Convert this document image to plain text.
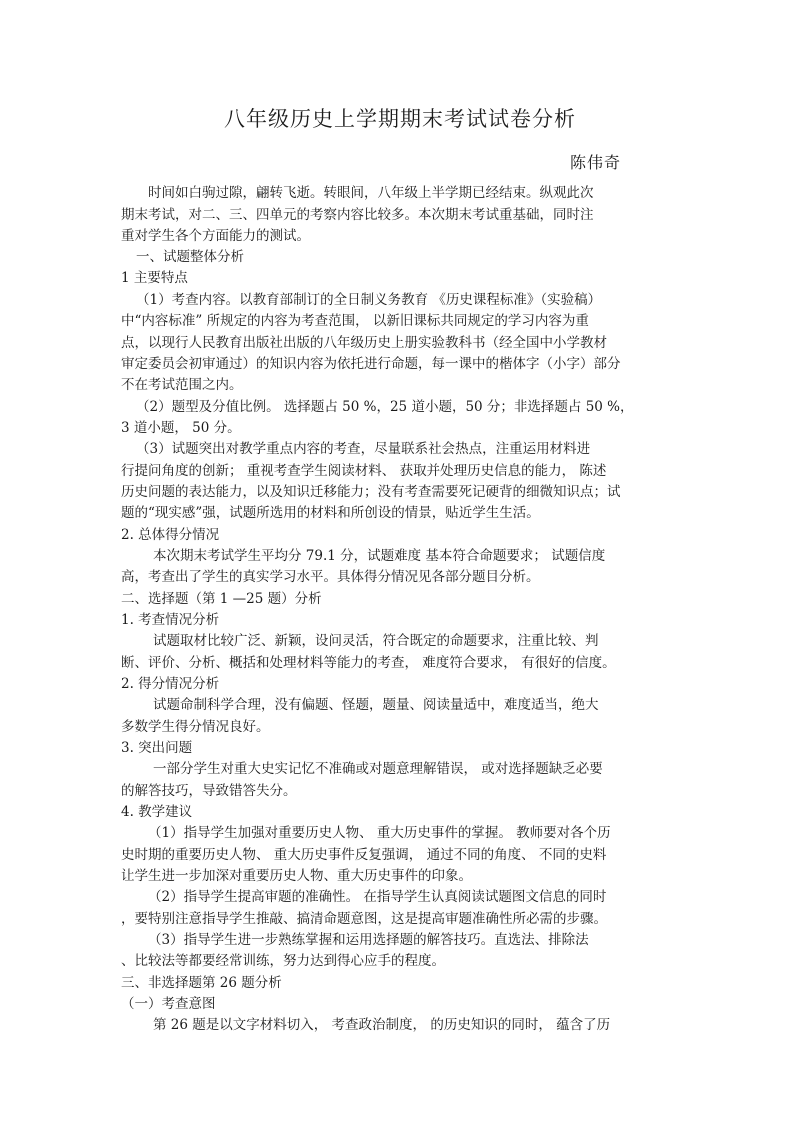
八年级历史上学期期末考试试卷分析
陈伟奇
时间如白驹过隙，翩转飞逝。转眼间，八年级上半学期已经结束。纵观此次
期末考试，对二、三、四单元的考察内容比较多。本次期末考试重基础，同时注
重对学生各个方面能力的测试。
一、试题整体分析
1 主要特点
（1）考查内容。以教育部制订的全日制义务教育 《历史课程标准》（实验稿）
中“内容标准” 所规定的内容为考查范围， 以新旧课标共同规定的学习内容为重
点，以现行人民教育出版社出版的八年级历史上册实验教科书（经全国中小学教材
审定委员会初审通过）的知识内容为依托进行命题，每一课中的楷体字（小字）部分
不在考试范围之内。
（2）题型及分值比例。 选择题占 50 %，25 道小题，50 分；非选择题占 50 %，
3 道小题， 50 分。
（3）试题突出对教学重点内容的考查，尽量联系社会热点，注重运用材料进
行提问角度的创新； 重视考查学生阅读材料、 获取并处理历史信息的能力， 陈述
历史问题的表达能力，以及知识迁移能力；没有考查需要死记硬背的细微知识点；试
题的“现实感”强，试题所选用的材料和所创设的情景，贴近学生生活。
2. 总体得分情况
本次期末考试学生平均分 79.1 分，试题难度 基本符合命题要求； 试题信度
高，考查出了学生的真实学习水平。具体得分情况见各部分题目分析。
二、选择题（第 1 —25 题）分析
1. 考查情况分析
试题取材比较广泛、新颖，设问灵活，符合既定的命题要求，注重比较、判
断、评价、分析、概括和处理材料等能力的考查， 难度符合要求， 有很好的信度。
2. 得分情况分析
试题命制科学合理，没有偏题、怪题，题量、阅读量适中，难度适当，绝大
多数学生得分情况良好。
3. 突出问题
一部分学生对重大史实记忆不准确或对题意理解错误， 或对选择题缺乏必要
的解答技巧，导致错答失分。
4. 教学建议
（1）指导学生加强对重要历史人物、 重大历史事件的掌握。 教师要对各个历
史时期的重要历史人物、 重大历史事件反复强调， 通过不同的角度、 不同的史料
让学生进一步加深对重要历史人物、重大历史事件的印象。
（2）指导学生提高审题的准确性。 在指导学生认真阅读试题图文信息的同时
，要特别注意指导学生推敲、搞清命题意图，这是提高审题准确性所必需的步骤。
（3）指导学生进一步熟练掌握和运用选择题的解答技巧。直选法、排除法
、比较法等都要经常训练，努力达到得心应手的程度。
三、非选择题第 26 题分析
（一）考查意图
第 26 题是以文字材料切入， 考查政治制度， 的历史知识的同时， 蕴含了历
